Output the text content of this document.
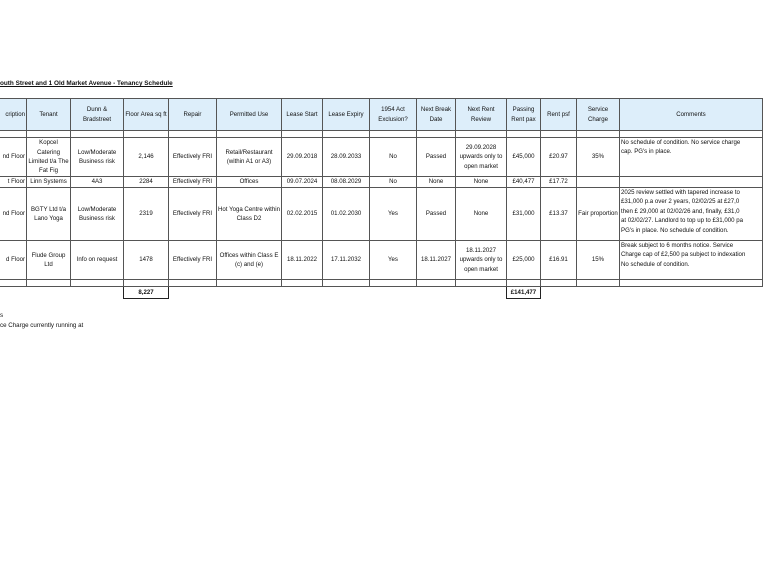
outh Street and 1 Old Market Avenue - Tenancy Schedule
cription	Tenant	Dunn & Bradstreet	Floor Area sq ft	Repair	Permitted Use	Lease Start	Lease Expiry	1954 Act Exclusion?	Next Break Date	Next Rent Review	Passing Rent pax	Rent psf	Service Charge	Comments

nd Floor	Kopcel Catering Limited t/a The Fat Fig	Low/Moderate Business risk	2,146	Effectively FRI	Retail/Restaurant (within A1 or A3)	29.09.2018	28.09.2033	No	Passed	29.09.2028 upwards only to open market	£45,000	£20.97	35%	No schedule of condition. No service charge
cap. PG's in place.

t Floor	Linn Systems	4A3	2284	Effectively FRI	Offices	09.07.2024	08.08.2029	No	None	None	£40,477	£17.72		
nd Floor	BGTY Ltd t/a Lano Yoga	Low/Moderate Business risk	2319	Effectively FRI	Hot Yoga Centre within Class D2	02.02.2015	01.02.2030	Yes	Passed	None	£31,000	£13.37	Fair proportion	2025 review settled with tapered increase to
£31,000 p.a over 2 years, 02/02/25 at £27,0
then £ 29,000 at 02/02/26 and, finally, £31,0
at 02/02/27. Landlord to top up to £31,000 pa
PG's in place. No schedule of condition.

d Floor	Flude Group Ltd	Info on request	1478	Effectively FRI	Offices within Class E (c) and (e)	18.11.2022	17.11.2032	Yes	18.11.2027	18.11.2027 upwards only to open market	£25,000	£16.91	15%	Break subject to 6 months notice. Service
Charge cap of £2,500 pa subject to indexation
No schedule of condition.

			8,227								£141,477			
s
ce Charge currently running at
